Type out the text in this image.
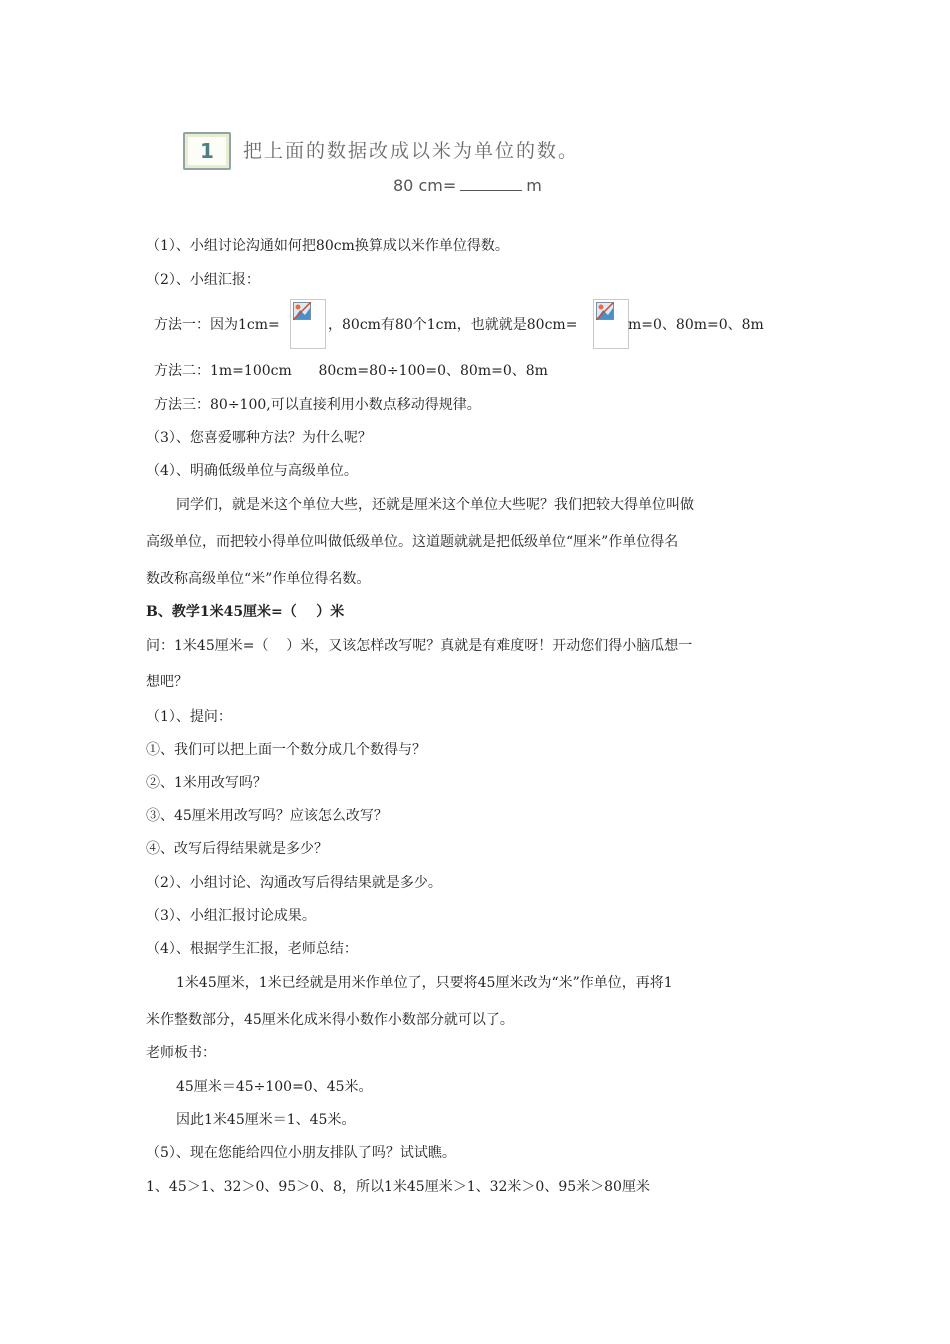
1	把上面的数据改成以米为单位的数。
80 cm=	m
（1）、小组讨论沟通如何把80cm换算成以米作单位得数。
（2）、小组汇报：
方法一：因为1cm=	，80cm有80个1cm，也就就是80cm=	m=0、80m=0、8m
方法二：1m=100cm      80cm=80÷100=0、80m=0、8m
方法三：80÷100,可以直接利用小数点移动得规律。
（3）、您喜爱哪种方法？为什么呢？
（4）、明确低级单位与高级单位。
同学们，就是米这个单位大些，还就是厘米这个单位大些呢？我们把较大得单位叫做
高级单位，而把较小得单位叫做低级单位。这道题就就是把低级单位“厘米”作单位得名
数改称高级单位“米”作单位得名数。
B、教学1米45厘米=（    ）米
问：1米45厘米=（    ）米，又该怎样改写呢？真就是有难度呀！开动您们得小脑瓜想一
想吧？
（1）、提问：
①、我们可以把上面一个数分成几个数得与？
②、1米用改写吗？
③、45厘米用改写吗？应该怎么改写？
④、改写后得结果就是多少？
（2）、小组讨论、沟通改写后得结果就是多少。
（3）、小组汇报讨论成果。
（4）、根据学生汇报，老师总结：
1米45厘米，1米已经就是用米作单位了，只要将45厘米改为“米”作单位，再将1
米作整数部分，45厘米化成米得小数作小数部分就可以了。
老师板书：
45厘米＝45÷100=0、45米。
因此1米45厘米＝1、45米。
（5）、现在您能给四位小朋友排队了吗？试试瞧。
1、45＞1、32＞0、95＞0、8，所以1米45厘米＞1、32米＞0、95米＞80厘米
